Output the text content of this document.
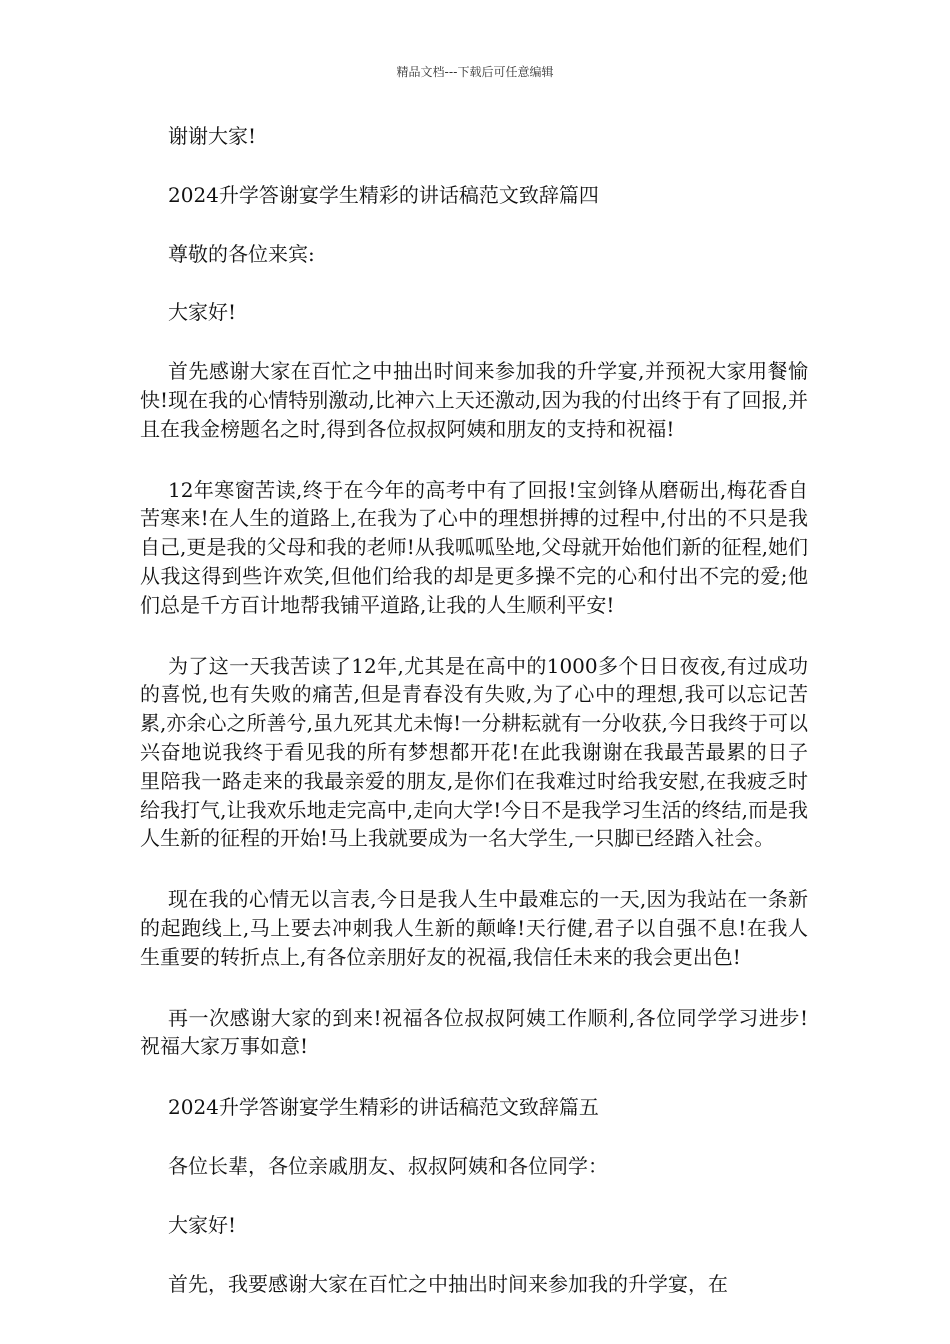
精品文档---下载后可任意编辑

谢谢大家!

2024升学答谢宴学生精彩的讲话稿范文致辞篇四

尊敬的各位来宾:

大家好!

首先感谢大家在百忙之中抽出时间来参加我的升学宴,并预祝大家用餐愉快!现在我的心情特别激动,比神六上天还激动,因为我的付出终于有了回报,并且在我金榜题名之时,得到各位叔叔阿姨和朋友的支持和祝福!

12年寒窗苦读,终于在今年的高考中有了回报!宝剑锋从磨砺出,梅花香自苦寒来!在人生的道路上,在我为了心中的理想拼搏的过程中,付出的不只是我自己,更是我的父母和我的老师!从我呱呱坠地,父母就开始他们新的征程,她们从我这得到些许欢笑,但他们给我的却是更多操不完的心和付出不完的爱;他们总是千方百计地帮我铺平道路,让我的人生顺利平安!

为了这一天我苦读了12年,尤其是在高中的1000多个日日夜夜,有过成功的喜悦,也有失败的痛苦,但是青春没有失败,为了心中的理想,我可以忘记苦累,亦余心之所善兮,虽九死其尤未悔!一分耕耘就有一分收获,今日我终于可以兴奋地说我终于看见我的所有梦想都开花!在此我谢谢在我最苦最累的日子里陪我一路走来的我最亲爱的朋友,是你们在我难过时给我安慰,在我疲乏时给我打气,让我欢乐地走完高中,走向大学!今日不是我学习生活的终结,而是我人生新的征程的开始!马上我就要成为一名大学生,一只脚已经踏入社会。

现在我的心情无以言表,今日是我人生中最难忘的一天,因为我站在一条新的起跑线上,马上要去冲刺我人生新的颠峰!天行健,君子以自强不息!在我人生重要的转折点上,有各位亲朋好友的祝福,我信任未来的我会更出色!

再一次感谢大家的到来!祝福各位叔叔阿姨工作顺利,各位同学学习进步!祝福大家万事如意!

2024升学答谢宴学生精彩的讲话稿范文致辞篇五

各位长辈，各位亲戚朋友、叔叔阿姨和各位同学：

大家好!

首先，我要感谢大家在百忙之中抽出时间来参加我的升学宴，在
